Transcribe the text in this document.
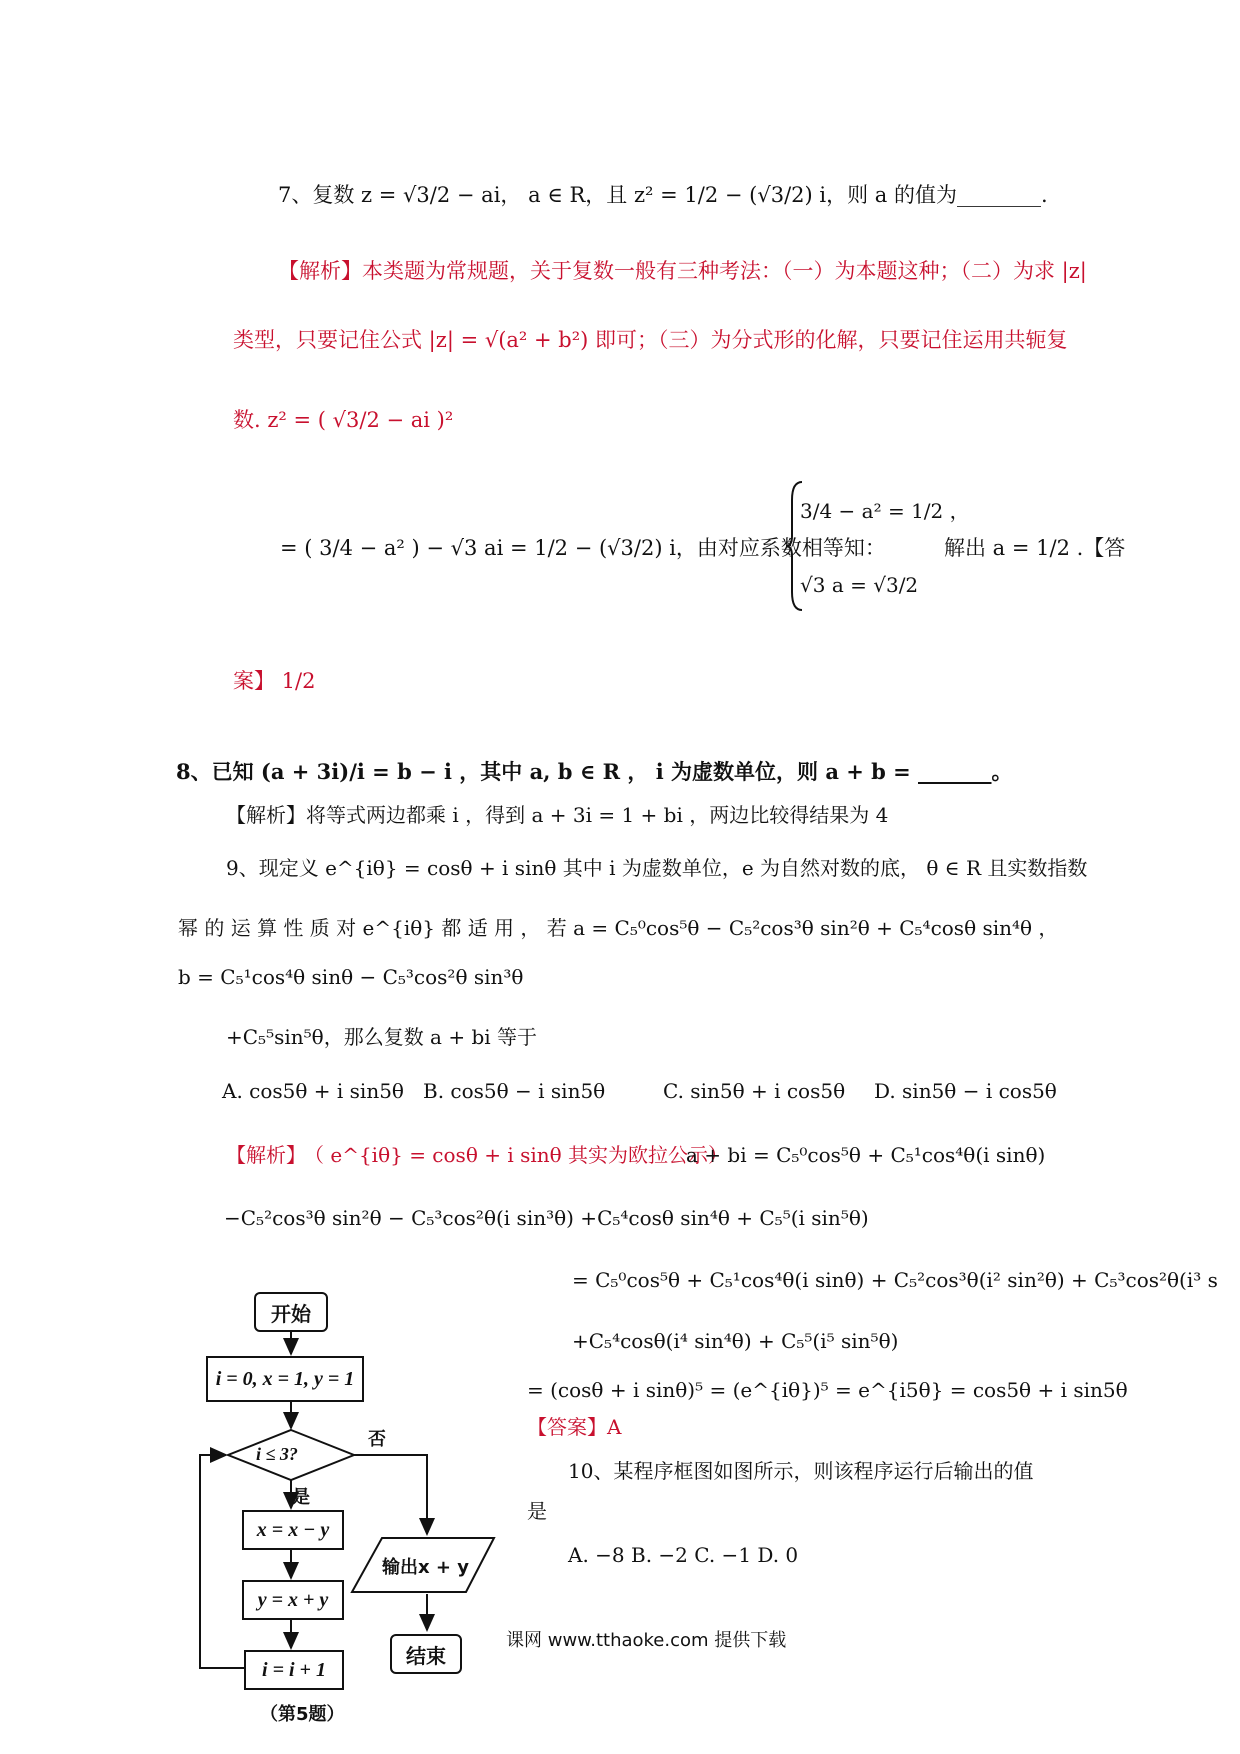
7、复数 z = √3/2 − ai， a ∈ R，且 z² = 1/2 − (√3/2) i，则 a 的值为________.
【解析】本类题为常规题，关于复数一般有三种考法：（一）为本题这种；（二）为求 |z|
类型，只要记住公式 |z| = √(a² + b²) 即可；（三）为分式形的化解，只要记住运用共轭复
数. z² = ( √3/2 − ai )²
= ( 3/4 − a² ) − √3 ai = 1/2 − (√3/2) i，由对应系数相等知：
3/4 − a² = 1/2 ，
√3 a = √3/2
解出 a = 1/2 .【答
案】 1/2
8、已知 (a + 3i)/i = b − i ，其中 a, b ∈ R ， i 为虚数单位，则 a + b = _______。
【解析】将等式两边都乘 i ，得到 a + 3i = 1 + bi ，两边比较得结果为 4
9、现定义 e^{iθ} = cosθ + i sinθ 其中 i 为虚数单位，e 为自然对数的底， θ ∈ R 且实数指数
幂 的 运 算 性 质 对 e^{iθ} 都 适 用 ， 若 a = C₅⁰cos⁵θ − C₅²cos³θ sin²θ + C₅⁴cosθ sin⁴θ ，
b = C₅¹cos⁴θ sinθ − C₅³cos²θ sin³θ
+C₅⁵sin⁵θ，那么复数 a + bi 等于
A. cos5θ + i sin5θ B. cos5θ − i sin5θ	C. sin5θ + i cos5θ D. sin5θ − i cos5θ
【解析】
（ e^{iθ} = cosθ + i sinθ 其实为欧拉公示）
a + bi = C₅⁰cos⁵θ + C₅¹cos⁴θ(i sinθ)
−C₅²cos³θ sin²θ − C₅³cos²θ(i sin³θ) +C₅⁴cosθ sin⁴θ + C₅⁵(i sin⁵θ)
= C₅⁰cos⁵θ + C₅¹cos⁴θ(i sinθ) + C₅²cos³θ(i² sin²θ) + C₅³cos²θ(i³ s
+C₅⁴cosθ(i⁴ sin⁴θ) + C₅⁵(i⁵ sin⁵θ)
= (cosθ + i sinθ)⁵ = (e^{iθ})⁵ = e^{i5θ} = cos5θ + i sin5θ
【答案】A
10、某程序框图如图所示，则该程序运行后输出的值
是
A. −8 B. −2 C. −1 D. 0
开始
i = 0, x = 1, y = 1
i ≤ 3?
否
是
x = x − y
y = x + y
i = i + 1
输出x + y
结束
（第5题）
课网 www.tthaoke.com 提供下载
